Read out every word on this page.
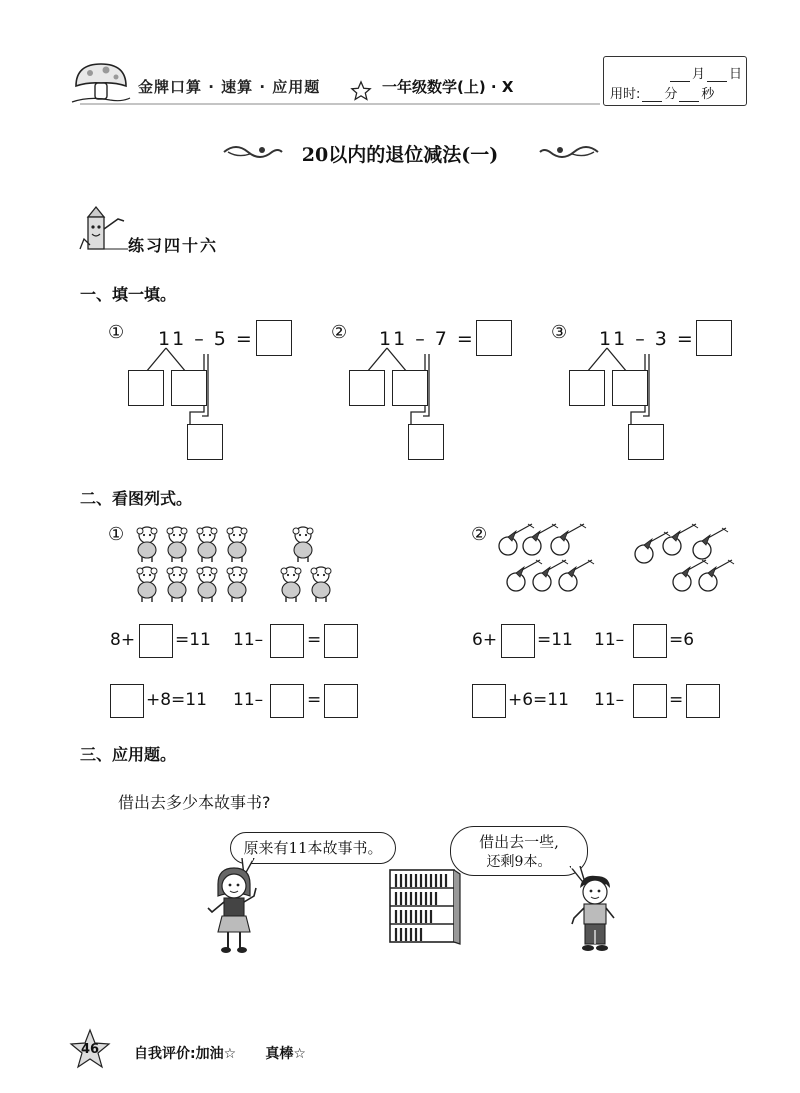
金牌口算 · 速算 · 应用题	一年级数学(上) · X
月 日
用时: 分 秒
20以内的退位减法(一)
练习四十六
一、填一填。
① 11 – 5 =	② 11 – 7 =	③ 11 – 3 =
二、看图列式。
①	②
8+ =11 11–	=
+8=11 11–	=
6+ =11 11–	=6
+6=11 11–	=
三、应用题。
借出去多少本故事书?
原来有11本故事书。	借出去一些,
还剩9本。
46	自我评价:加油☆ 真棒☆
